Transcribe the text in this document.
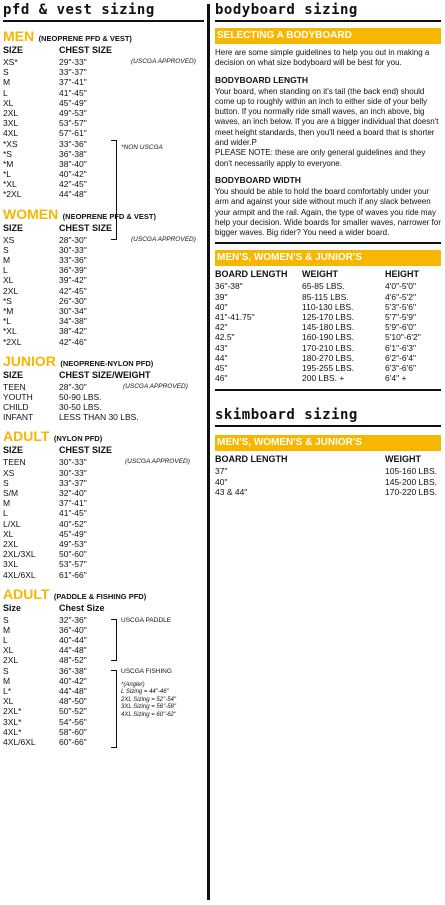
pfd & vest sizing
MEN (NEOPRENE PFD & VEST)
SIZE	CHEST SIZE
(USCGA APPROVED)
*NON USCGA
XS*	29"-33"
S	33"-37"
M	37"-41"
L	41"-45"
XL	45"-49"
2XL	49"-53"
3XL	53"-57"
4XL	57"-61"
*XS	33"-36"
*S	36"-38"
*M	38"-40"
*L	40"-42"
*XL	42"-45"
*2XL	44"-48"
WOMEN (NEOPRENE PFD & VEST)
SIZE	CHEST SIZE
(USCGA APPROVED)
XS	28"-30"
S	30"-33"
M	33"-36"
L	36"-39"
XL	39"-42"
2XL	42"-45"
*S	26"-30"
*M	30"-34"
*L	34"-38"
*XL	38"-42"
*2XL	42"-46"
JUNIOR (NEOPRENE-NYLON PFD)
SIZE	CHEST SIZE/WEIGHT
(USCGA APPROVED)
TEEN	28"-30"
YOUTH	50-90 LBS.
CHILD	30-50 LBS.
INFANT	LESS THAN 30 LBS.
ADULT (NYLON PFD)
SIZE	CHEST SIZE
(USCGA APPROVED)
TEEN	30"-33"
XS	30"-33"
S	33"-37"
S/M	32"-40"
M	37"-41"
L	41"-45"
L/XL	40"-52"
XL	45"-49"
2XL	49"-53"
2XL/3XL	50"-60"
3XL	53"-57"
4XL/6XL	61"-66"
ADULT (PADDLE & FISHING PFD)
Size	Chest Size
USCGA PADDLE
USCGA FISHING
*(Angler)
L Sizing = 44"-46"
2XL Sizing = 52"-54"
3XL Sizing = 56"-58"
4XL Sizing = 60"-62"
S	32"-36"
M	36"-40"
L	40"-44"
XL	44"-48"
2XL	48"-52"
S	36"-38"
M	40"-42"
L*	44"-48"
XL	48"-50"
2XL*	50"-52"
3XL*	54"-56"
4XL*	58"-60"
4XL/6XL	60"-66"
bodyboard sizing
SELECTING A BODYBOARD
Here are some simple guidelines to help you out in making a decision on what size bodyboard will be best for you.
BODYBOARD LENGTH
Your board, when standing on it's tail (the back end) should come up to roughly within an inch to either side of your belly button. If you normally ride small waves, an inch above, big waves, an inch below. If you are a bigger individual that doesn't meet height standards, then you'll need a board that is shorter and wider.P
PLEASE NOTE: these are only general guidelines and they don't necessarily apply to everyone.
BODYBOARD WIDTH
You should be able to hold the board comfortably under your arm and against your side without much if any slack between your armpit and the rail. Again, the type of waves you ride may help your decision. Wide boards for smaller waves, narrower for bigger waves. Big rider? You need a wider board.
MEN'S, WOMEN'S & JUNIOR'S
BOARD LENGTH	WEIGHT	HEIGHT
36"-38"	65-85 LBS.	4'0"-5'0"
39"	85-115 LBS.	4'6"-5'2"
40"	110-130 LBS.	5'3"-5'6"
41"-41.75"	125-170 LBS.	5'7"-5'9"
42"	145-180 LBS.	5'9"-6'0"
42.5"	160-190 LBS.	5'10"-6'2"
43"	170-210 LBS.	6'1"-6'3"
44"	180-270 LBS.	6'2"-6'4"
45"	195-255 LBS.	6'3"-6'6"
46"	200 LBS. +	6'4" +
skimboard sizing
MEN'S, WOMEN'S & JUNIOR'S
BOARD LENGTH	WEIGHT
37"	105-160 LBS.
40"	145-200 LBS.
43 & 44"	170-220 LBS.
